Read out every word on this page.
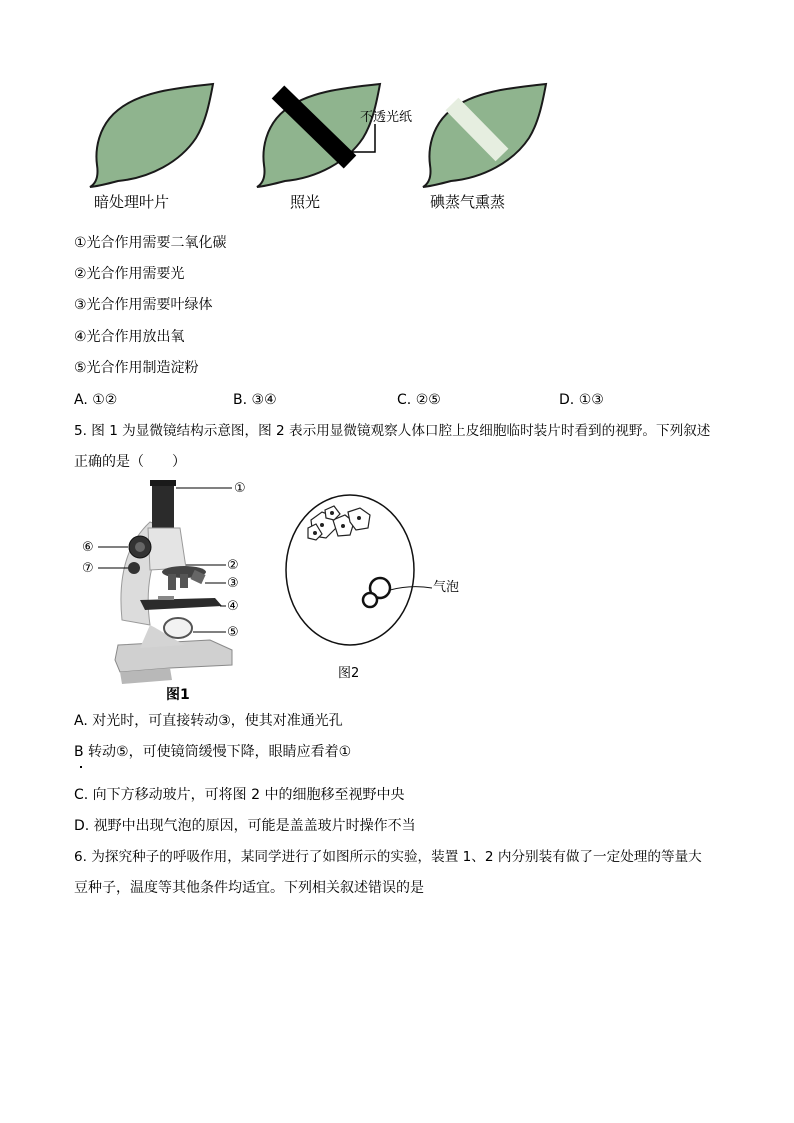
不透光纸
暗处理叶片	照光	碘蒸气熏蒸
①光合作用需要二氧化碳
②光合作用需要光
③光合作用需要叶绿体
④光合作用放出氧
⑤光合作用制造淀粉
A. ①②	B. ③④	C. ②⑤	D. ①③
5. 图 1 为显微镜结构示意图，图 2 表示用显微镜观察人体口腔上皮细胞临时装片时看到的视野。下列叙述
正确的是（　　）
①
②
③
④
⑤
⑥
⑦
图1
气泡
图2
A. 对光时，可直接转动③，使其对准通光孔
B 转动⑤，可使镜筒缓慢下降，眼睛应看着①
C. 向下方移动玻片，可将图 2 中的细胞移至视野中央
D. 视野中出现气泡的原因，可能是盖盖玻片时操作不当
6. 为探究种子的呼吸作用，某同学进行了如图所示的实验，装置 1、2 内分别装有做了一定处理的等量大
豆种子，温度等其他条件均适宜。下列相关叙述错误的是
